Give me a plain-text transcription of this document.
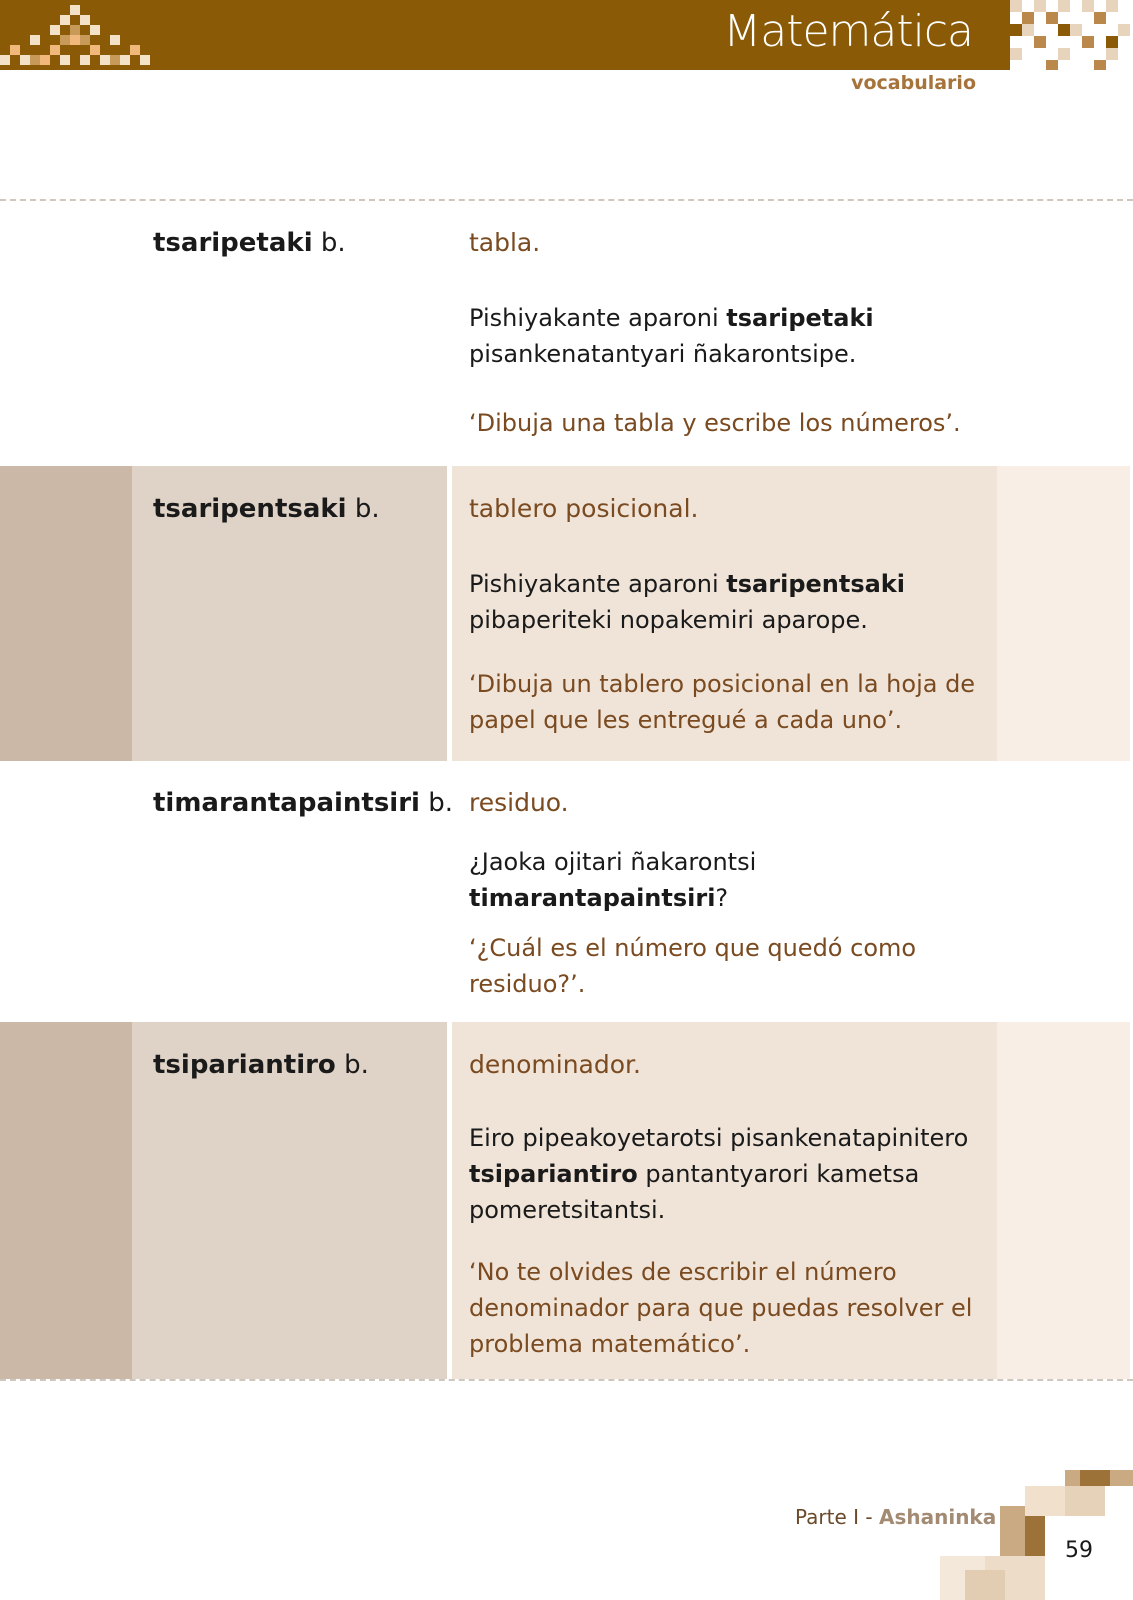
Matemática
vocabulario
tsaripetaki b.	tabla.
Pishiyakante aparoni tsaripetaki pisankenatantyari ñakarontsipe.
‘Dibuja una tabla y escribe los números’.
tsaripentsaki b.	tablero posicional.
Pishiyakante aparoni tsaripentsaki pibaperiteki nopakemiri aparope.
‘Dibuja un tablero posicional en la hoja de papel que les entregué a cada uno’.
timarantapaintsiri b. residuo.
¿Jaoka ojitari ñakarontsi timarantapaintsiri?
‘¿Cuál es el número que quedó como residuo?’.
tsipariantiro b.	denominador.
Eiro pipeakoyetarotsi pisankenatapinitero tsipariantiro pantantyarori kametsa pomeretsitantsi.
‘No te olvides de escribir el número denominador para que puedas resolver el problema matemático’.
Parte I - Ashaninka
59
